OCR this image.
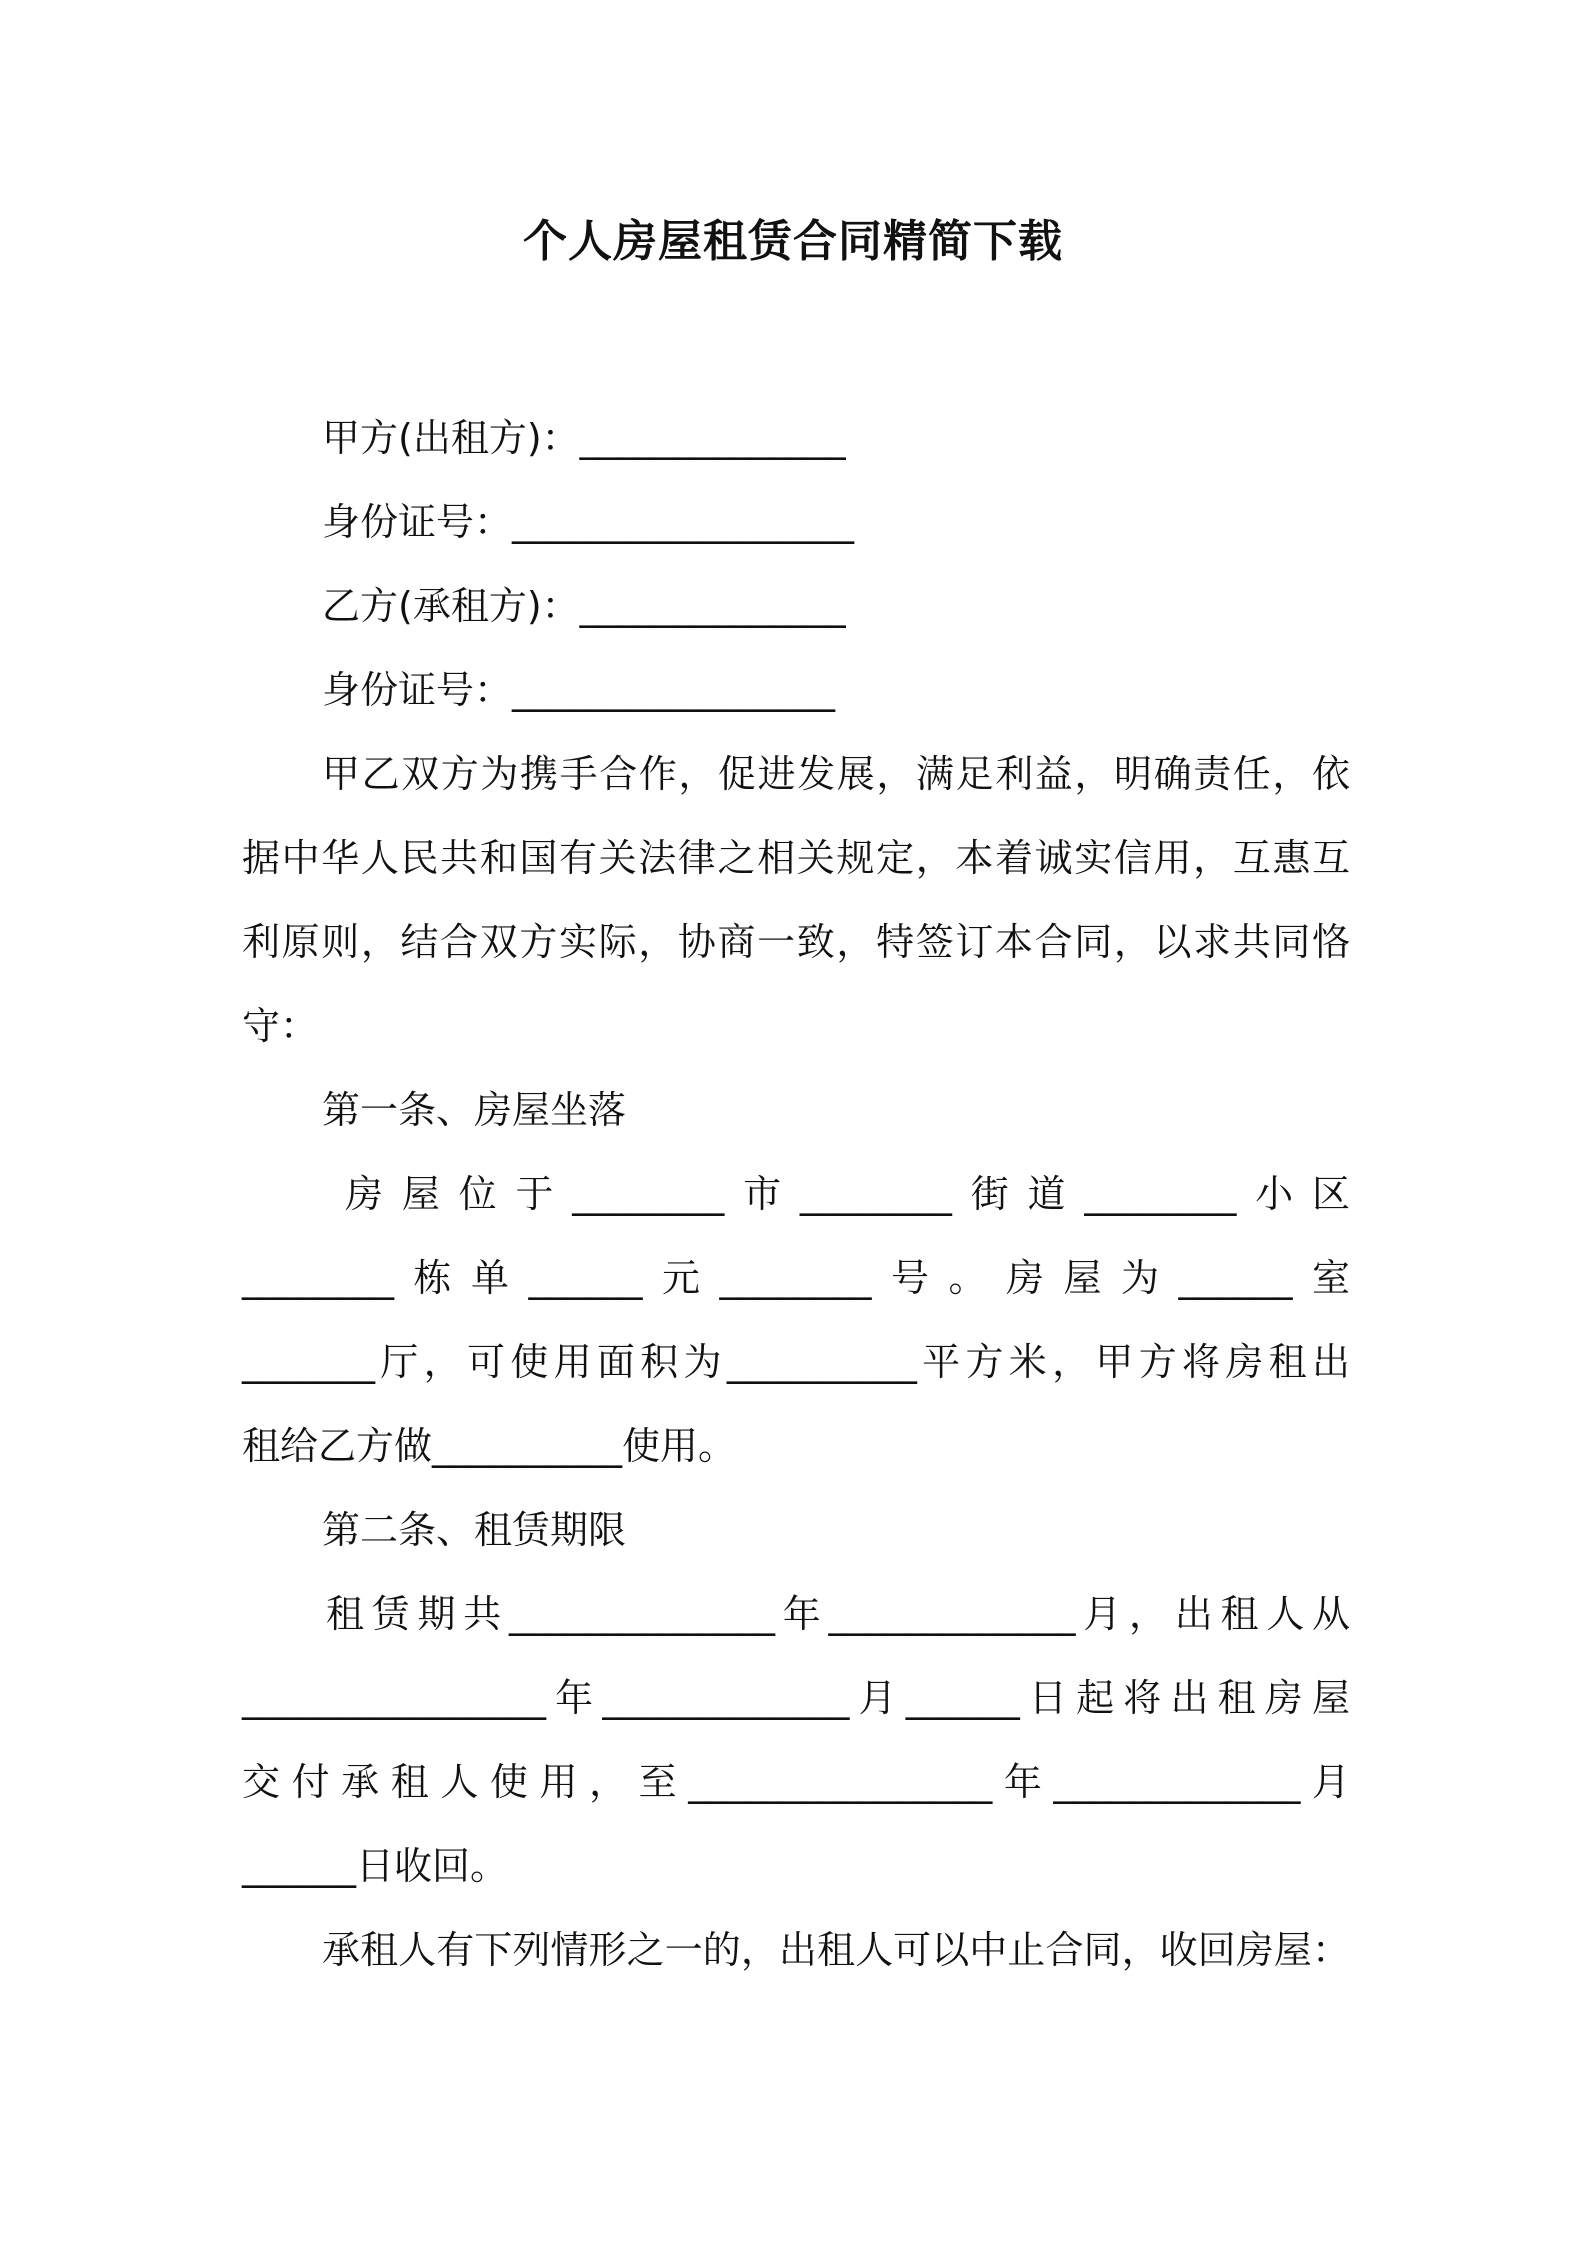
个人房屋租赁合同精简下载
甲方(出租方)：______________
身份证号：__________________
乙方(承租方)：______________
身份证号：_________________
甲乙双方为携手合作，促进发展，满足利益，明确责任，依
据中华人民共和国有关法律之相关规定，本着诚实信用，互惠互
利原则，结合双方实际，协商一致，特签订本合同，以求共同恪
守：
第一条、房屋坐落
房屋位于________市________街道________小区
________栋单______元________号。房屋为______室
_______厅，可使用面积为__________平方米，甲方将房租出
租给乙方做__________使用。
第二条、租赁期限
租赁期共______________年_____________月，出租人从
________________年_____________月______日起将出租房屋
交付承租人使用，至________________年_____________月
______日收回。
承租人有下列情形之一的，出租人可以中止合同，收回房屋：
